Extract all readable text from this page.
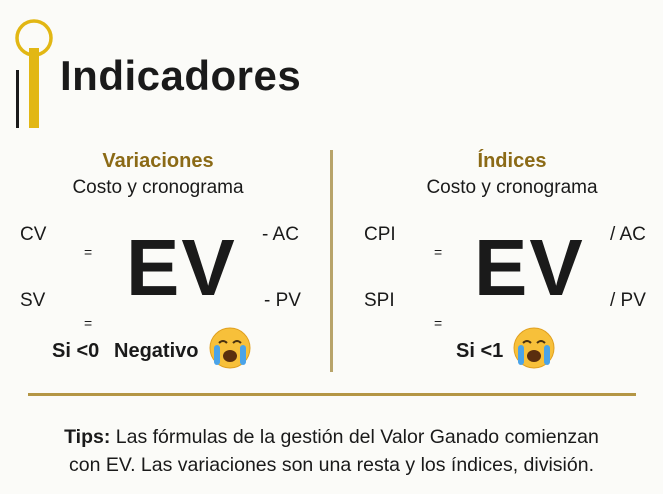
Indicadores
Variaciones
Costo y cronograma
CV
= EV - AC
SV	- PV
=
Si <0 Negativo
Índices
Costo y cronograma
CPI
= EV / AC
SPI	/ PV
=
Si <1
Tips: Las fórmulas de la gestión del Valor Ganado comienzan
con EV. Las variaciones son una resta y los índices, división.
